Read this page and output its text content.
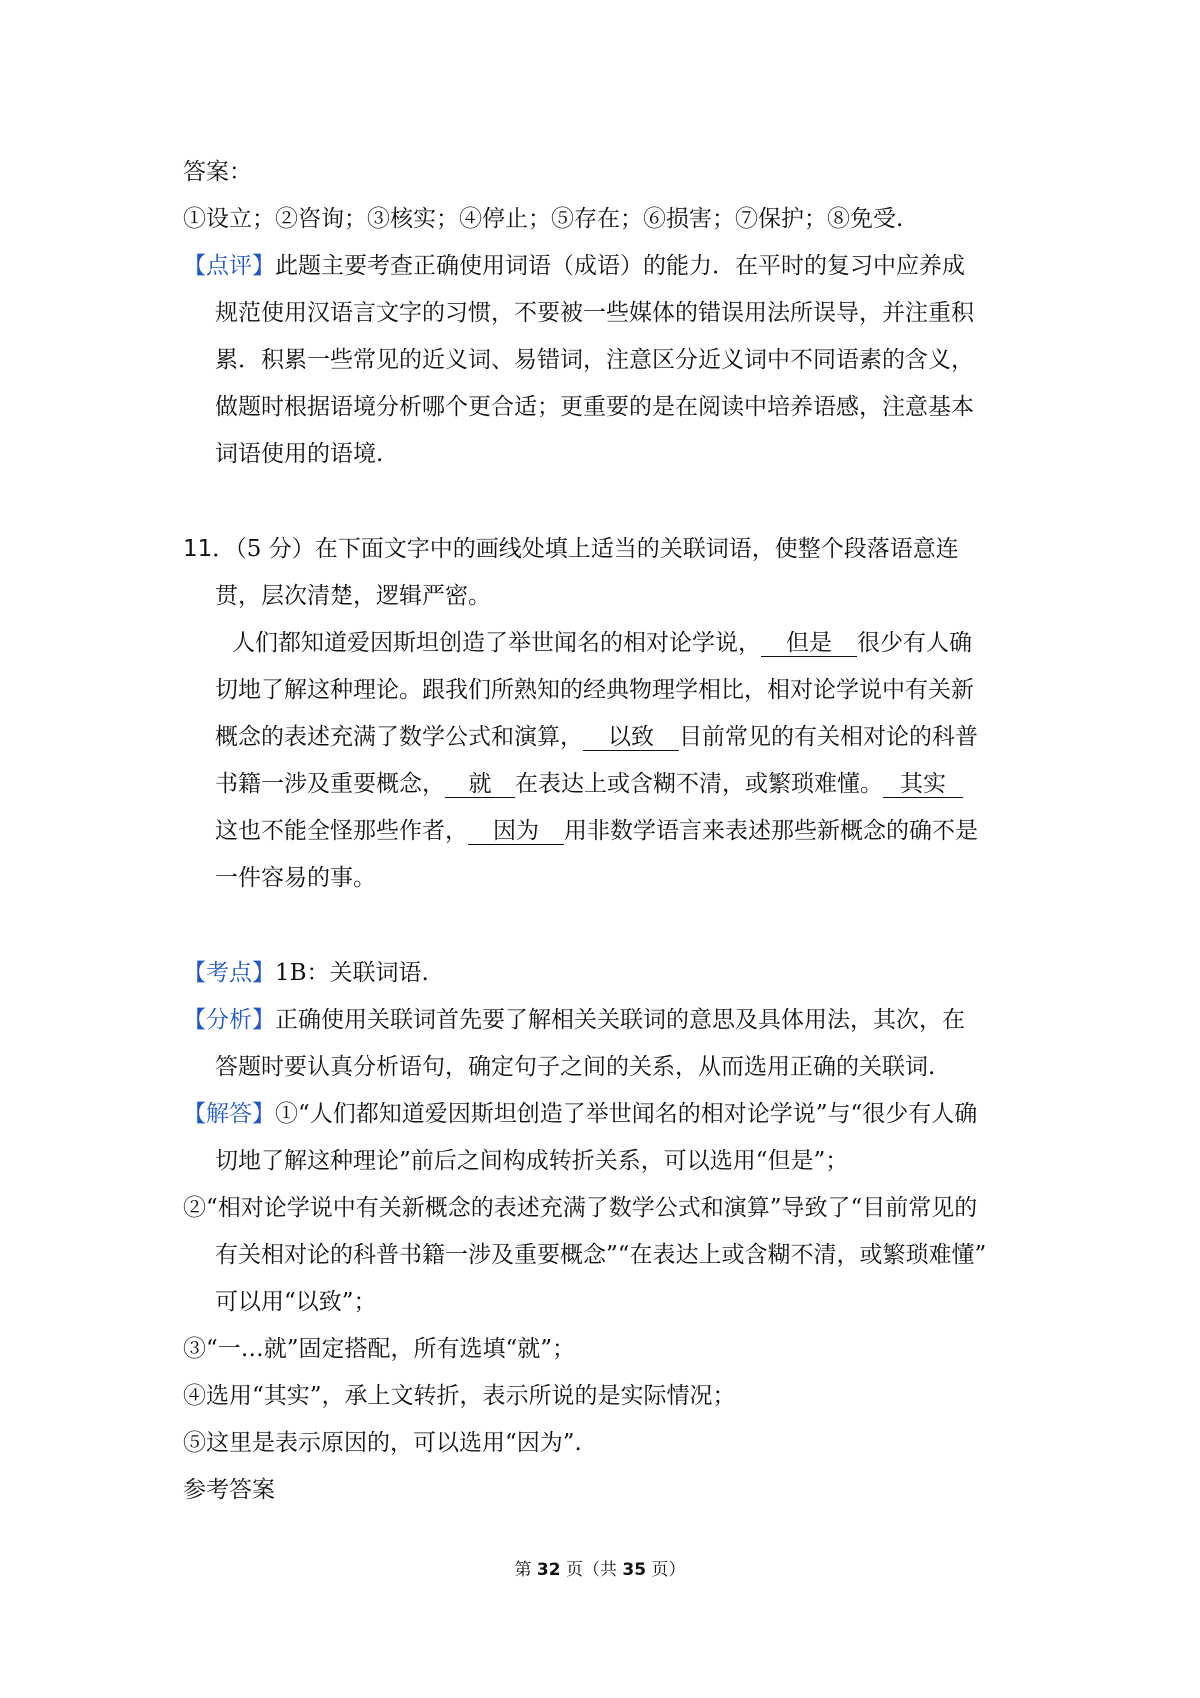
答案：
①设立；②咨询；③核实；④停止；⑤存在；⑥损害；⑦保护；⑧免受.
【点评】此题主要考查正确使用词语（成语）的能力．在平时的复习中应养成
规范使用汉语言文字的习惯，不要被一些媒体的错误用法所误导，并注重积
累．积累一些常见的近义词、易错词，注意区分近义词中不同语素的含义，
做题时根据语境分析哪个更合适；更重要的是在阅读中培养语感，注意基本
词语使用的语境.
11．（5 分）在下面文字中的画线处填上适当的关联词语，使整个段落语意连
贯，层次清楚，逻辑严密。
人们都知道爱因斯坦创造了举世闻名的相对论学说， 但是 很少有人确
切地了解这种理论。跟我们所熟知的经典物理学相比，相对论学说中有关新
概念的表述充满了数学公式和演算， 以致 目前常见的有关相对论的科普
书籍一涉及重要概念， 就 在表达上或含糊不清，或繁琐难懂。 其实
这也不能全怪那些作者， 因为 用非数学语言来表述那些新概念的确不是
一件容易的事。
【考点】1B：关联词语.
【分析】正确使用关联词首先要了解相关关联词的意思及具体用法，其次，在
答题时要认真分析语句，确定句子之间的关系，从而选用正确的关联词.
【解答】①“人们都知道爱因斯坦创造了举世闻名的相对论学说”与“很少有人确
切地了解这种理论”前后之间构成转折关系，可以选用“但是”；
②“相对论学说中有关新概念的表述充满了数学公式和演算”导致了“目前常见的
有关相对论的科普书籍一涉及重要概念”“在表达上或含糊不清，或繁琐难懂”
可以用“以致”；
③“一…就”固定搭配，所有选填“就”；
④选用“其实”，承上文转折，表示所说的是实际情况；
⑤这里是表示原因的，可以选用“因为”.
参考答案
第 32 页（共 35 页）
